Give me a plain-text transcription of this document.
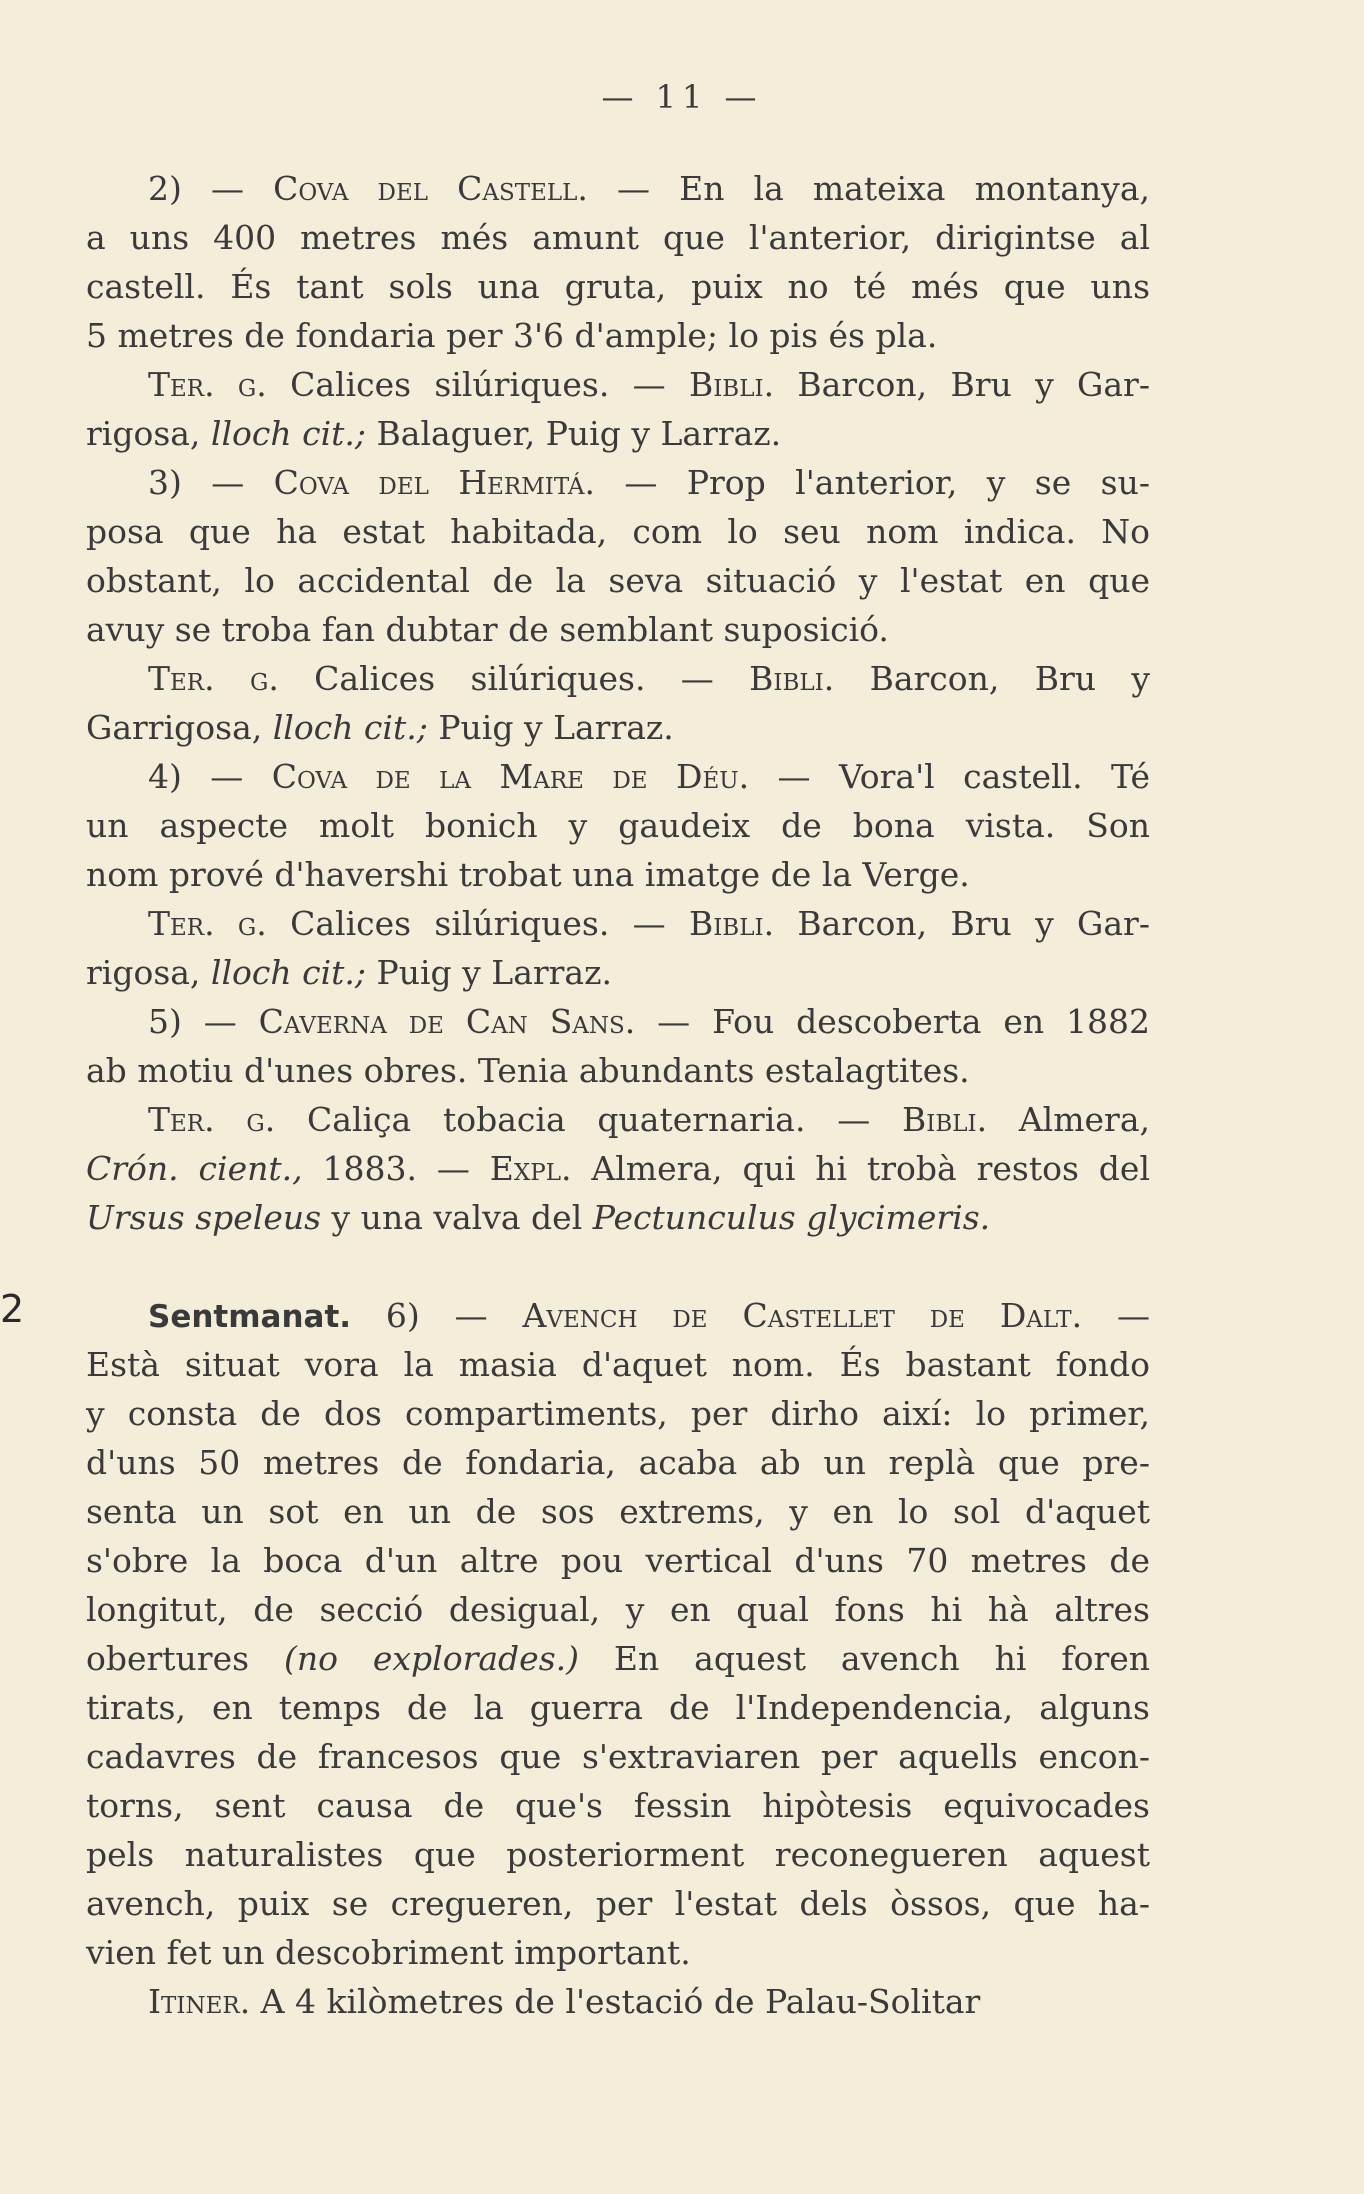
— 11 —
2
2) — Cova del Castell. — En la mateixa montanya,
a uns 400 metres més amunt que l'anterior, dirigintse al
castell. És tant sols una gruta, puix no té més que uns
5 metres de fondaria per 3'6 d'ample; lo pis és pla.
Ter. g. Calices silúriques. — Bibli. Barcon, Bru y Gar-
rigosa, lloch cit.; Balaguer, Puig y Larraz.
3) — Cova del Hermitá. — Prop l'anterior, y se su-
posa que ha estat habitada, com lo seu nom indica. No
obstant, lo accidental de la seva situació y l'estat en que
avuy se troba fan dubtar de semblant suposició.
Ter. g. Calices silúriques. — Bibli. Barcon, Bru y
Garrigosa, lloch cit.; Puig y Larraz.
4) — Cova de la Mare de Déu. — Vora'l castell. Té
un aspecte molt bonich y gaudeix de bona vista. Son
nom prové d'havershi trobat una imatge de la Verge.
Ter. g. Calices silúriques. — Bibli. Barcon, Bru y Gar-
rigosa, lloch cit.; Puig y Larraz.
5) — Caverna de Can Sans. — Fou descoberta en 1882
ab motiu d'unes obres. Tenia abundants estalagtites.
Ter. g. Caliça tobacia quaternaria. — Bibli. Almera,
Crón. cient., 1883. — Expl. Almera, qui hi trobà restos del
Ursus speleus y una valva del Pectunculus glycimeris.
Sentmanat. 6) — Avench de Castellet de Dalt. —
Està situat vora la masia d'aquet nom. És bastant fondo
y consta de dos compartiments, per dirho així: lo primer,
d'uns 50 metres de fondaria, acaba ab un replà que pre-
senta un sot en un de sos extrems, y en lo sol d'aquet
s'obre la boca d'un altre pou vertical d'uns 70 metres de
longitut, de secció desigual, y en qual fons hi hà altres
obertures (no explorades.) En aquest avench hi foren
tirats, en temps de la guerra de l'Independencia, alguns
cadavres de francesos que s'extraviaren per aquells encon-
torns, sent causa de que's fessin hipòtesis equivocades
pels naturalistes que posteriorment reconegueren aquest
avench, puix se cregueren, per l'estat dels òssos, que ha-
vien fet un descobriment important.
Itiner. A 4 kilòmetres de l'estació de Palau-Solitar
